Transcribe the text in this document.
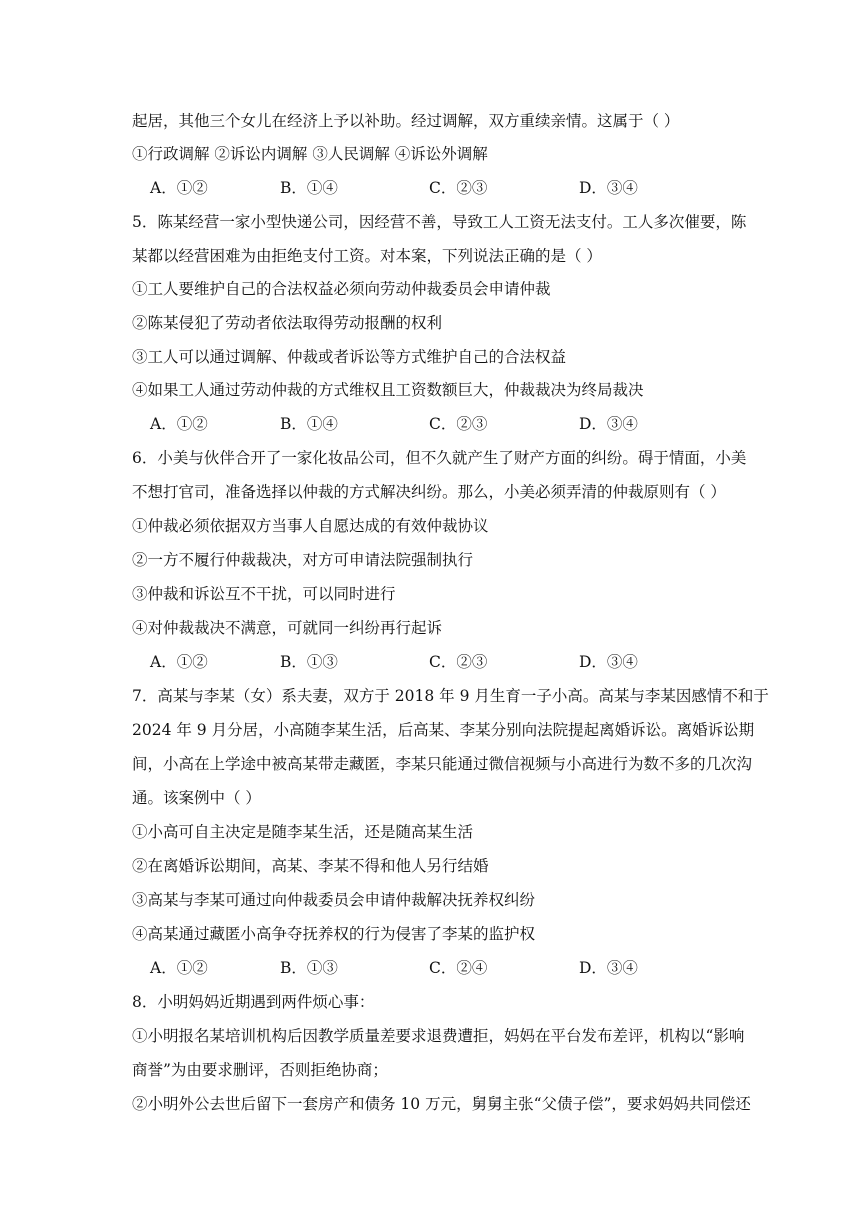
起居，其他三个女儿在经济上予以补助。经过调解，双方重续亲情。这属于（ ）
①行政调解 ②诉讼内调解 ③人民调解 ④诉讼外调解
A．①②	B．①④	C．②③	D．③④
5．陈某经营一家小型快递公司，因经营不善，导致工人工资无法支付。工人多次催要，陈
某都以经营困难为由拒绝支付工资。对本案，下列说法正确的是（ ）
①工人要维护自己的合法权益必须向劳动仲裁委员会申请仲裁
②陈某侵犯了劳动者依法取得劳动报酬的权利
③工人可以通过调解、仲裁或者诉讼等方式维护自己的合法权益
④如果工人通过劳动仲裁的方式维权且工资数额巨大，仲裁裁决为终局裁决
A．①②	B．①④	C．②③	D．③④
6．小美与伙伴合开了一家化妆品公司，但不久就产生了财产方面的纠纷。碍于情面，小美
不想打官司，准备选择以仲裁的方式解决纠纷。那么，小美必须弄清的仲裁原则有（ ）
①仲裁必须依据双方当事人自愿达成的有效仲裁协议
②一方不履行仲裁裁决，对方可申请法院强制执行
③仲裁和诉讼互不干扰，可以同时进行
④对仲裁裁决不满意，可就同一纠纷再行起诉
A．①②	B．①③	C．②③	D．③④
7．高某与李某（女）系夫妻，双方于 2018 年 9 月生育一子小高。高某与李某因感情不和于
2024 年 9 月分居，小高随李某生活，后高某、李某分别向法院提起离婚诉讼。离婚诉讼期
间，小高在上学途中被高某带走藏匿，李某只能通过微信视频与小高进行为数不多的几次沟
通。该案例中（ ）
①小高可自主决定是随李某生活，还是随高某生活
②在离婚诉讼期间，高某、李某不得和他人另行结婚
③高某与李某可通过向仲裁委员会申请仲裁解决抚养权纠纷
④高某通过藏匿小高争夺抚养权的行为侵害了李某的监护权
A．①②	B．①③	C．②④	D．③④
8．小明妈妈近期遇到两件烦心事：
①小明报名某培训机构后因教学质量差要求退费遭拒，妈妈在平台发布差评，机构以“影响
商誉”为由要求删评，否则拒绝协商；
②小明外公去世后留下一套房产和债务 10 万元，舅舅主张“父债子偿”，要求妈妈共同偿还
